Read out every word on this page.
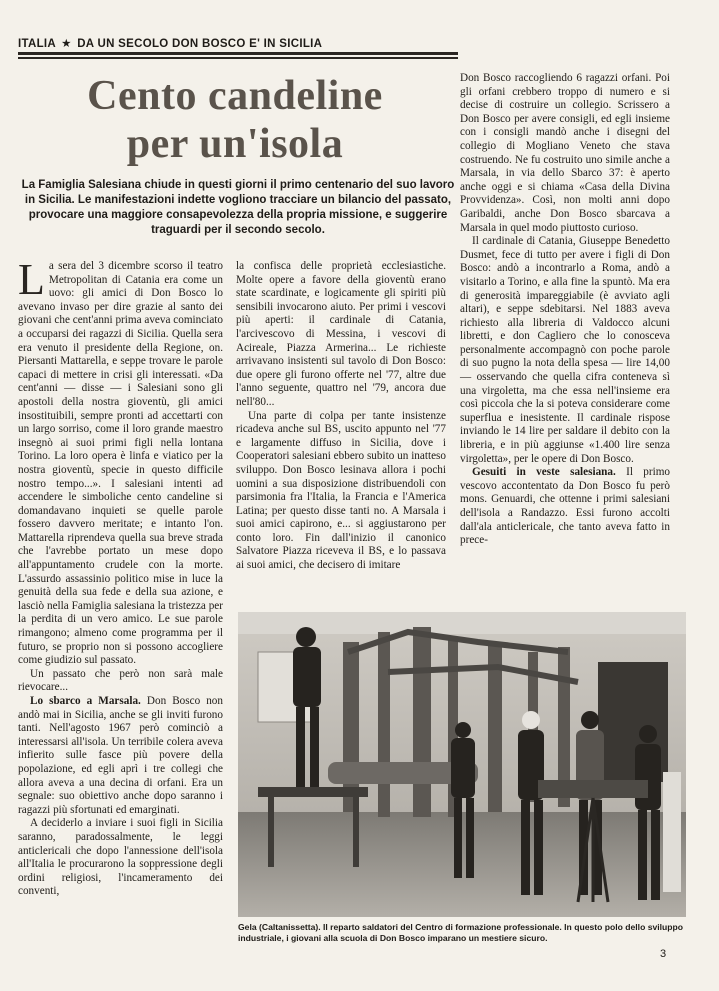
ITALIA ★ DA UN SECOLO DON BOSCO E' IN SICILIA
Cento candeline
per un'isola
La Famiglia Salesiana chiude in questi giorni il primo centenario del suo lavoro in Sicilia. Le manifestazioni indette vogliono tracciare un bilancio del passato, provocare una maggiore consapevolezza della propria missione, e suggerire traguardi per il secondo secolo.

La sera del 3 dicembre scorso il teatro Metropolitan di Catania era come un uovo: gli amici di Don Bosco lo avevano invaso per dire grazie al santo dei giovani che cent'anni prima aveva cominciato a occuparsi dei ragazzi di Sicilia. Quella sera era venuto il presidente della Regione, on. Piersanti Mattarella, e seppe trovare le parole capaci di mettere in crisi gli interessati. «Da cent'anni — disse — i Salesiani sono gli apostoli della nostra gioventù, gli amici insostituibili, sempre pronti ad accettarti con un largo sorriso, come il loro grande maestro insegnò ai suoi primi figli nella lontana Torino. La loro opera è linfa e viatico per la nostra gioventù, specie in questo difficile nostro tempo...». I salesiani intenti ad accendere le simboliche cento candeline si domandavano inquieti se quelle parole fossero davvero meritate; e intanto l'on. Mattarella riprendeva quella sua breve strada che l'avrebbe portato un mese dopo all'appuntamento crudele con la morte. L'assurdo assassinio politico mise in luce la genuità della sua fede e della sua azione, e lasciò nella Famiglia salesiana la tristezza per la perdita di un vero amico. Le sue parole rimangono; almeno come programma per il futuro, se proprio non si possono accogliere come giudizio sul passato.

Un passato che però non sarà male rievocare...

Lo sbarco a Marsala. Don Bosco non andò mai in Sicilia, anche se gli inviti furono tanti. Nell'agosto 1967 però cominciò a interessarsi all'isola. Un terribile colera aveva infierito sulle fasce più povere della popolazione, ed egli aprì i tre collegi che allora aveva a una decina di orfani. Era un segnale: suo obiettivo anche dopo saranno i ragazzi più sfortunati ed emarginati.

A deciderlo a inviare i suoi figli in Sicilia saranno, paradossalmente, le leggi anticlericali che dopo l'annessione dell'isola all'Italia le procurarono la soppressione degli ordini religiosi, l'incameramento dei conventi,

la confisca delle proprietà ecclesiastiche. Molte opere a favore della gioventù erano state scardinate, e logicamente gli spiriti più sensibili invocarono aiuto. Per primi i vescovi più aperti: il cardinale di Catania, l'arcivescovo di Messina, i vescovi di Acireale, Piazza Armerina... Le richieste arrivavano insistenti sul tavolo di Don Bosco: due opere gli furono offerte nel '77, altre due l'anno seguente, quattro nel '79, ancora due nell'80...

Una parte di colpa per tante insistenze ricadeva anche sul BS, uscito appunto nel '77 e largamente diffuso in Sicilia, dove i Cooperatori salesiani ebbero subito un inatteso sviluppo. Don Bosco lesinava allora i pochi uomini a sua disposizione distribuendoli con parsimonia fra l'Italia, la Francia e l'America Latina; per questo disse tanti no. A Marsala i suoi amici capirono, e... si aggiustarono per conto loro. Fin dall'inizio il canonico Salvatore Piazza riceveva il BS, e lo passava ai suoi amici, che decisero di imitare

Don Bosco raccogliendo 6 ragazzi orfani. Poi gli orfani crebbero troppo di numero e si decise di costruire un collegio. Scrissero a Don Bosco per avere consigli, ed egli insieme con i consigli mandò anche i disegni del collegio di Mogliano Veneto che stava costruendo. Ne fu costruito uno simile anche a Marsala, in via dello Sbarco 37: è aperto anche oggi e si chiama «Casa della Divina Provvidenza». Così, non molti anni dopo Garibaldi, anche Don Bosco sbarcava a Marsala in quel modo piuttosto curioso.

Il cardinale di Catania, Giuseppe Benedetto Dusmet, fece di tutto per avere i figli di Don Bosco: andò a incontrarlo a Roma, andò a visitarlo a Torino, e alla fine la spuntò. Ma era di generosità impareggiabile (è avviato agli altari), e seppe sdebitarsi. Nel 1883 aveva richiesto alla libreria di Valdocco alcuni libretti, e don Cagliero che lo conosceva personalmente accompagnò con poche parole di suo pugno la nota della spesa — lire 14,00 — osservando che quella cifra conteneva sì una virgoletta, ma che essa nell'insieme era così piccola che la si poteva considerare come superflua e inesistente. Il cardinale rispose inviando le 14 lire per saldare il debito con la libreria, e in più aggiunse «1.400 lire senza virgoletta», per le opere di Don Bosco.

Gesuiti in veste salesiana. Il primo vescovo accontentato da Don Bosco fu però mons. Genuardi, che ottenne i primi salesiani dell'isola a Randazzo. Essi furono accolti dall'ala anticlericale, che tanto aveva fatto in prece-

Gela (Caltanissetta). Il reparto saldatori del Centro di formazione professionale. In questo polo dello sviluppo industriale, i giovani alla scuola di Don Bosco imparano un mestiere sicuro.
3
